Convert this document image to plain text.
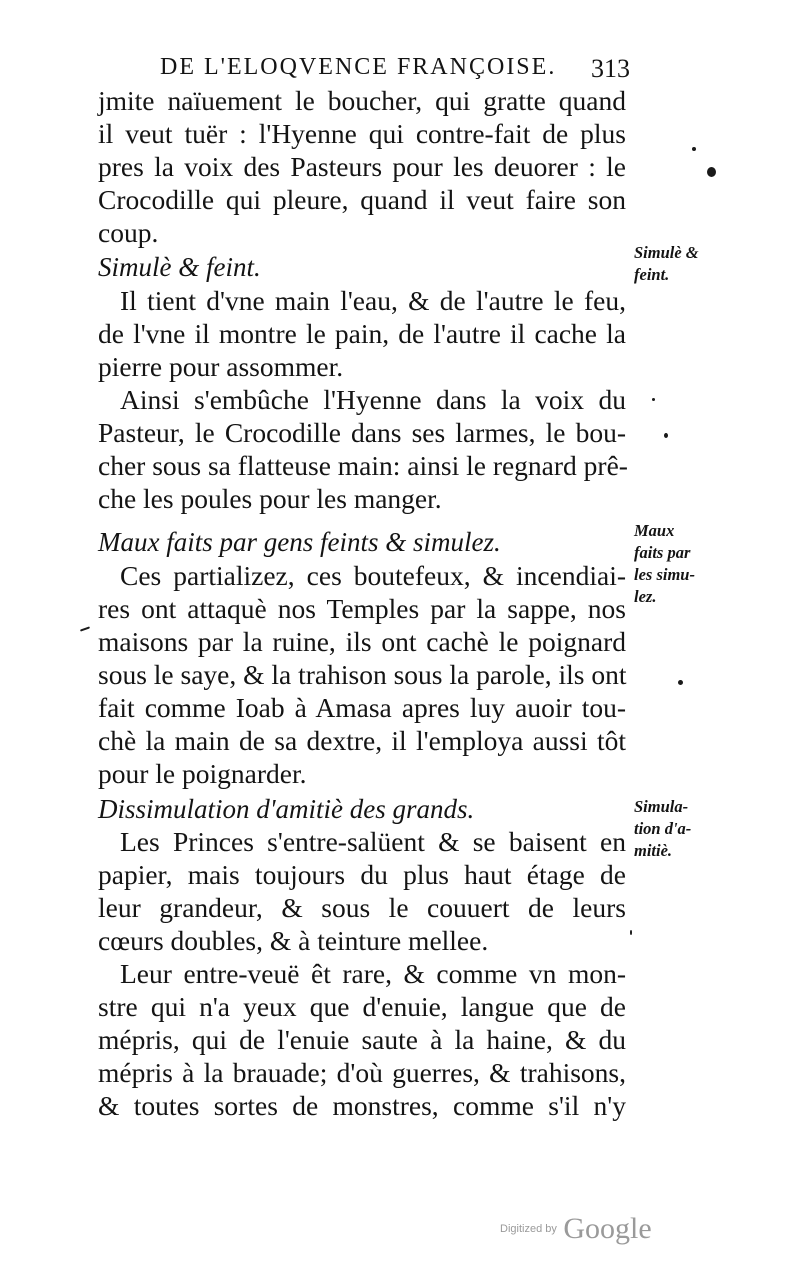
DE L'ELOQVENCE FRANÇOISE. 313
jmite naïuement le boucher, qui gratte quand
il veut tuër : l'Hyenne qui contre-fait de plus
pres la voix des Pasteurs pour les deuorer : le
Crocodille qui pleure, quand il veut faire son
coup.
Simulè & feint.
Il tient d'vne main l'eau, & de l'autre le feu,
de l'vne il montre le pain, de l'autre il cache la
pierre pour assommer.
Ainsi s'embûche l'Hyenne dans la voix du
Pasteur, le Crocodille dans ses larmes, le bou-
cher sous sa flatteuse main: ainsi le regnard prê-
che les poules pour les manger.
Maux faits par gens feints & simulez.
Ces partializez, ces boutefeux, & incendiai-
res ont attaquè nos Temples par la sappe, nos
maisons par la ruine, ils ont cachè le poignard
sous le saye, & la trahison sous la parole, ils ont
fait comme Ioab à Amasa apres luy auoir tou-
chè la main de sa dextre, il l'employa aussi tôt
pour le poignarder.
Dissimulation d'amitiè des grands.
Les Princes s'entre-salüent & se baisent en
papier, mais toujours du plus haut étage de
leur grandeur, & sous le couuert de leurs
cœurs doubles, & à teinture mellee.
Leur entre-veuë êt rare, & comme vn mon-
stre qui n'a yeux que d'enuie, langue que de
mépris, qui de l'enuie saute à la haine, & du
mépris à la brauade; d'où guerres, & trahisons,
& toutes sortes de monstres, comme s'il n'y
Simulè &
feint.
Maux
faits par
les simu-
lez.
Simula-
tion d'a-
mitiè.
Digitized by Google
